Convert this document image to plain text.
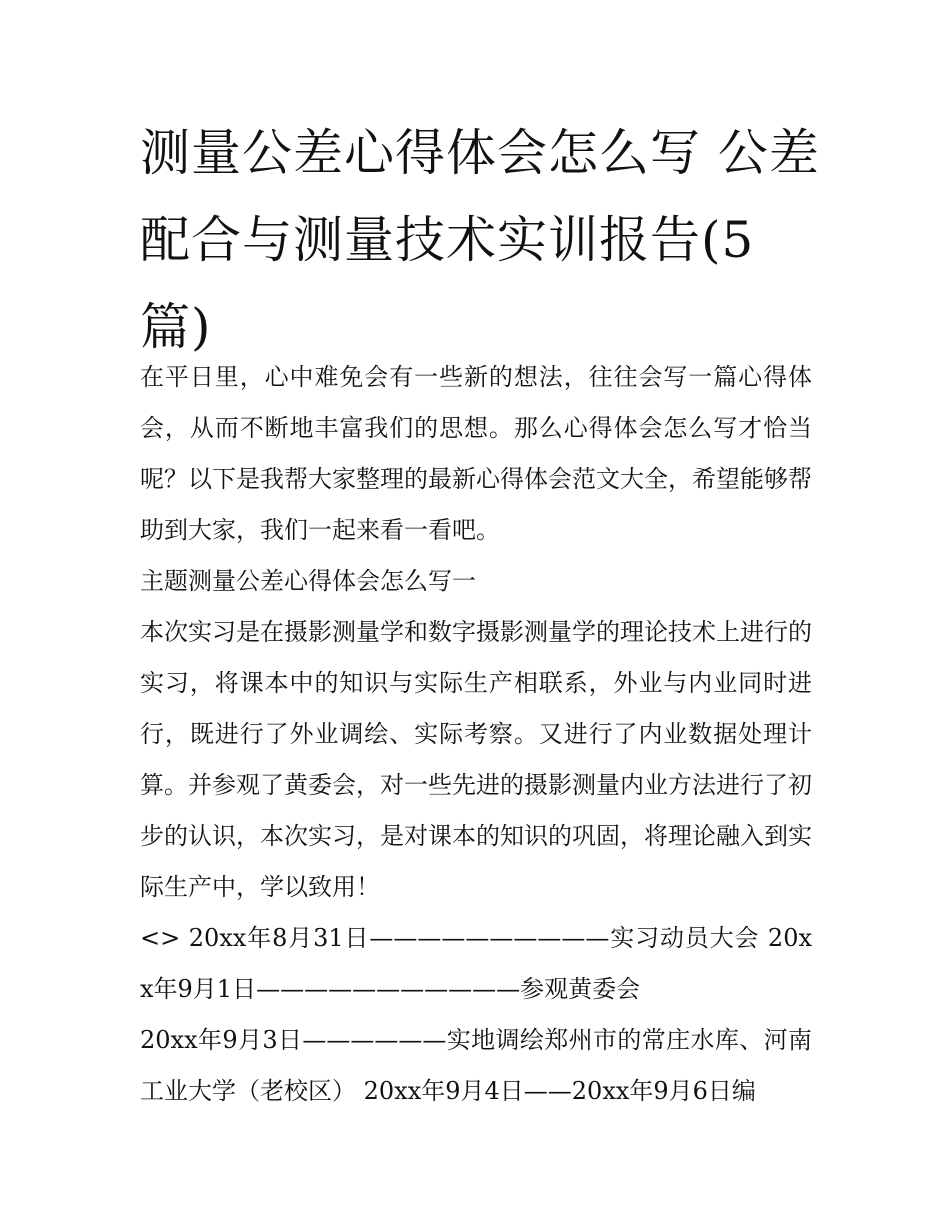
测量公差心得体会怎么写 公差配合与测量技术实训报告(5篇)

在平日里，心中难免会有一些新的想法，往往会写一篇心得体会，从而不断地丰富我们的思想。那么心得体会怎么写才恰当呢？以下是我帮大家整理的最新心得体会范文大全，希望能够帮助到大家，我们一起来看一看吧。

主题测量公差心得体会怎么写一

本次实习是在摄影测量学和数字摄影测量学的理论技术上进行的实习，将课本中的知识与实际生产相联系，外业与内业同时进行，既进行了外业调绘、实际考察。又进行了内业数据处理计算。并参观了黄委会，对一些先进的摄影测量内业方法进行了初步的认识，本次实习，是对课本的知识的巩固，将理论融入到实际生产中，学以致用！

<> 20xx年8月31日——————————实习动员大会 20xx年9月1日———————————参观黄委会

20xx年9月3日——————实地调绘郑州市的常庄水库、河南工业大学（老校区） 20xx年9月4日——20xx年9月6日编
